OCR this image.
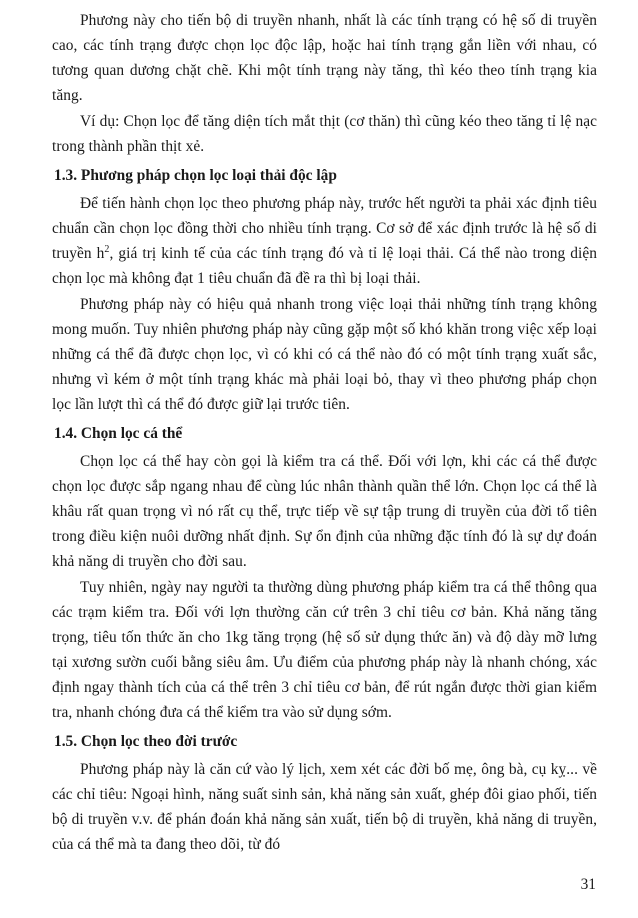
Phương này cho tiến bộ di truyền nhanh, nhất là các tính trạng có hệ số di truyền cao, các tính trạng được chọn lọc độc lập, hoặc hai tính trạng gắn liền với nhau, có tương quan dương chặt chẽ. Khi một tính trạng này tăng, thì kéo theo tính trạng kia tăng.

Ví dụ: Chọn lọc để tăng diện tích mắt thịt (cơ thăn) thì cũng kéo theo tăng tỉ lệ nạc trong thành phần thịt xẻ.

1.3. Phương pháp chọn lọc loại thải độc lập

Để tiến hành chọn lọc theo phương pháp này, trước hết người ta phải xác định tiêu chuẩn cần chọn lọc đồng thời cho nhiều tính trạng. Cơ sở để xác định trước là hệ số di truyền $h^2$, giá trị kinh tế của các tính trạng đó và tỉ lệ loại thải. Cá thể nào trong diện chọn lọc mà không đạt 1 tiêu chuẩn đã đề ra thì bị loại thải.

Phương pháp này có hiệu quả nhanh trong việc loại thải những tính trạng không mong muốn. Tuy nhiên phương pháp này cũng gặp một số khó khăn trong việc xếp loại những cá thể đã được chọn lọc, vì có khi có cá thể nào đó có một tính trạng xuất sắc, nhưng vì kém ở một tính trạng khác mà phải loại bỏ, thay vì theo phương pháp chọn lọc lần lượt thì cá thể đó được giữ lại trước tiên.

1.4. Chọn lọc cá thể

Chọn lọc cá thể hay còn gọi là kiểm tra cá thể. Đối với lợn, khi các cá thể được chọn lọc được sắp ngang nhau để cùng lúc nhân thành quần thể lớn. Chọn lọc cá thể là khâu rất quan trọng vì nó rất cụ thể, trực tiếp về sự tập trung di truyền của đời tổ tiên trong điều kiện nuôi dưỡng nhất định. Sự ổn định của những đặc tính đó là sự dự đoán khả năng di truyền cho đời sau.

Tuy nhiên, ngày nay người ta thường dùng phương pháp kiểm tra cá thể thông qua các trạm kiểm tra. Đối với lợn thường căn cứ trên 3 chỉ tiêu cơ bản. Khả năng tăng trọng, tiêu tốn thức ăn cho 1kg tăng trọng (hệ số sử dụng thức ăn) và độ dày mỡ lưng tại xương sườn cuối bằng siêu âm. Ưu điểm của phương pháp này là nhanh chóng, xác định ngay thành tích của cá thể trên 3 chỉ tiêu cơ bản, để rút ngắn được thời gian kiểm tra, nhanh chóng đưa cá thể kiểm tra vào sử dụng sớm.

1.5. Chọn lọc theo đời trước

Phương pháp này là căn cứ vào lý lịch, xem xét các đời bố mẹ, ông bà, cụ kỵ... về các chỉ tiêu: Ngoại hình, năng suất sinh sản, khả năng sản xuất, ghép đôi giao phối, tiến bộ di truyền v.v. để phán đoán khả năng sản xuất, tiến bộ di truyền, khả năng di truyền, của cá thể mà ta đang theo dõi, từ đó

31
